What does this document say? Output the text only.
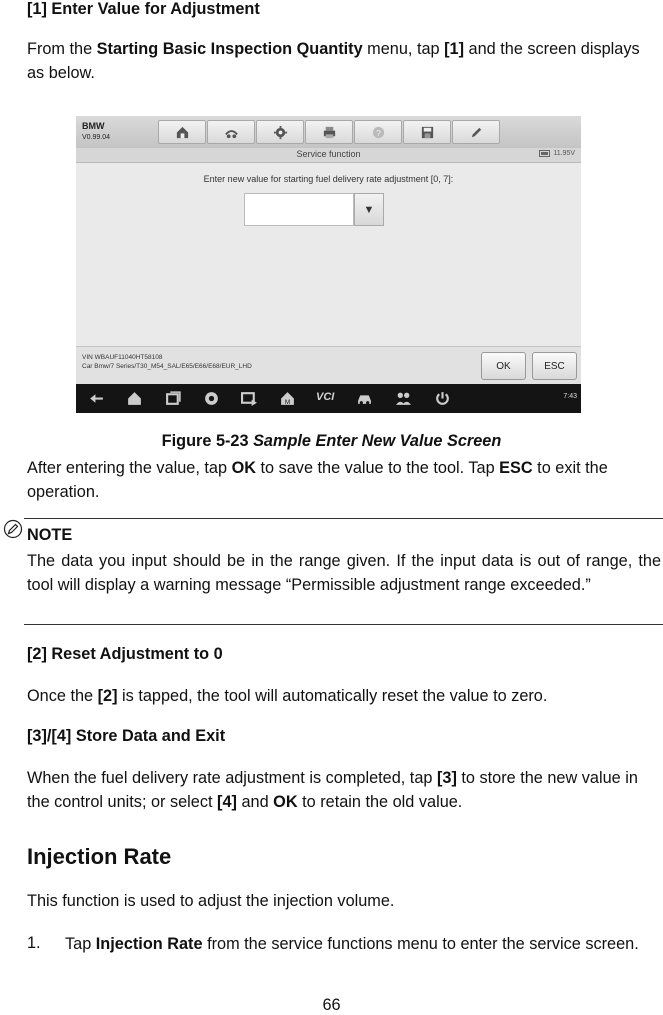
[1] Enter Value for Adjustment

From the Starting Basic Inspection Quantity menu, tap [1] and the screen displays as below.

BMW
V0.99.04
?
Service function	11.95V
Enter new value for starting fuel delivery rate adjustment [0, 7]:
▼
VIN WBAUF11040HT58108
Car Bmw/7 Series/T30_M54_SAL/E65/E66/E68/EUR_LHD	OK	ESC
M VCI	7:43
Figure 5-23 Sample Enter New Value Screen

After entering the value, tap OK to save the value to the tool. Tap ESC to exit the operation.

NOTE

The data you input should be in the range given. If the input data is out of range, the tool will display a warning message “Permissible adjustment range exceeded.”

[2] Reset Adjustment to 0

Once the [2] is tapped, the tool will automatically reset the value to zero.

[3]/[4] Store Data and Exit

When the fuel delivery rate adjustment is completed, tap [3] to store the new value in the control units; or select [4] and OK to retain the old value.

Injection Rate

This function is used to adjust the injection volume.

1. Tap Injection Rate from the service functions menu to enter the service screen.

66
